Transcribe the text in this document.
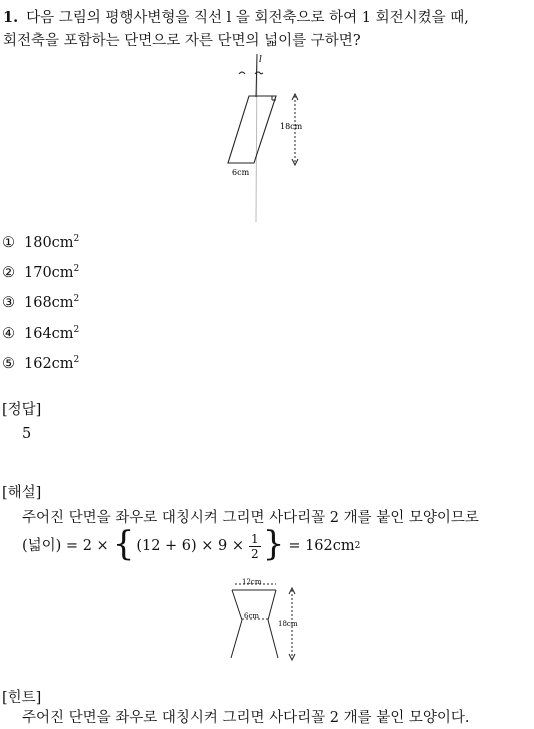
1. 다음 그림의 평행사변형을 직선 l 을 회전축으로 하여 1 회전시켰을 때,
회전축을 포함하는 단면으로 자른 단면의 넓이를 구하면?
l
18cm
6cm
① $180cm^2$
② $170cm^2$
③ $168cm^2$
④ $164cm^2$
⑤ $162cm^2$
[정답]
5
[해설]
주어진 단면을 좌우로 대칭시켜 그리면 사다리꼴 2 개를 붙인 모양이므로
(넓이) = 2 × { $(12 + 6) \times 9 \times \frac{1}{2}$ } = 162cm 2
12cm
6cm
18cm
[힌트]
주어진 단면을 좌우로 대칭시켜 그리면 사다리꼴 2 개를 붙인 모양이다.
